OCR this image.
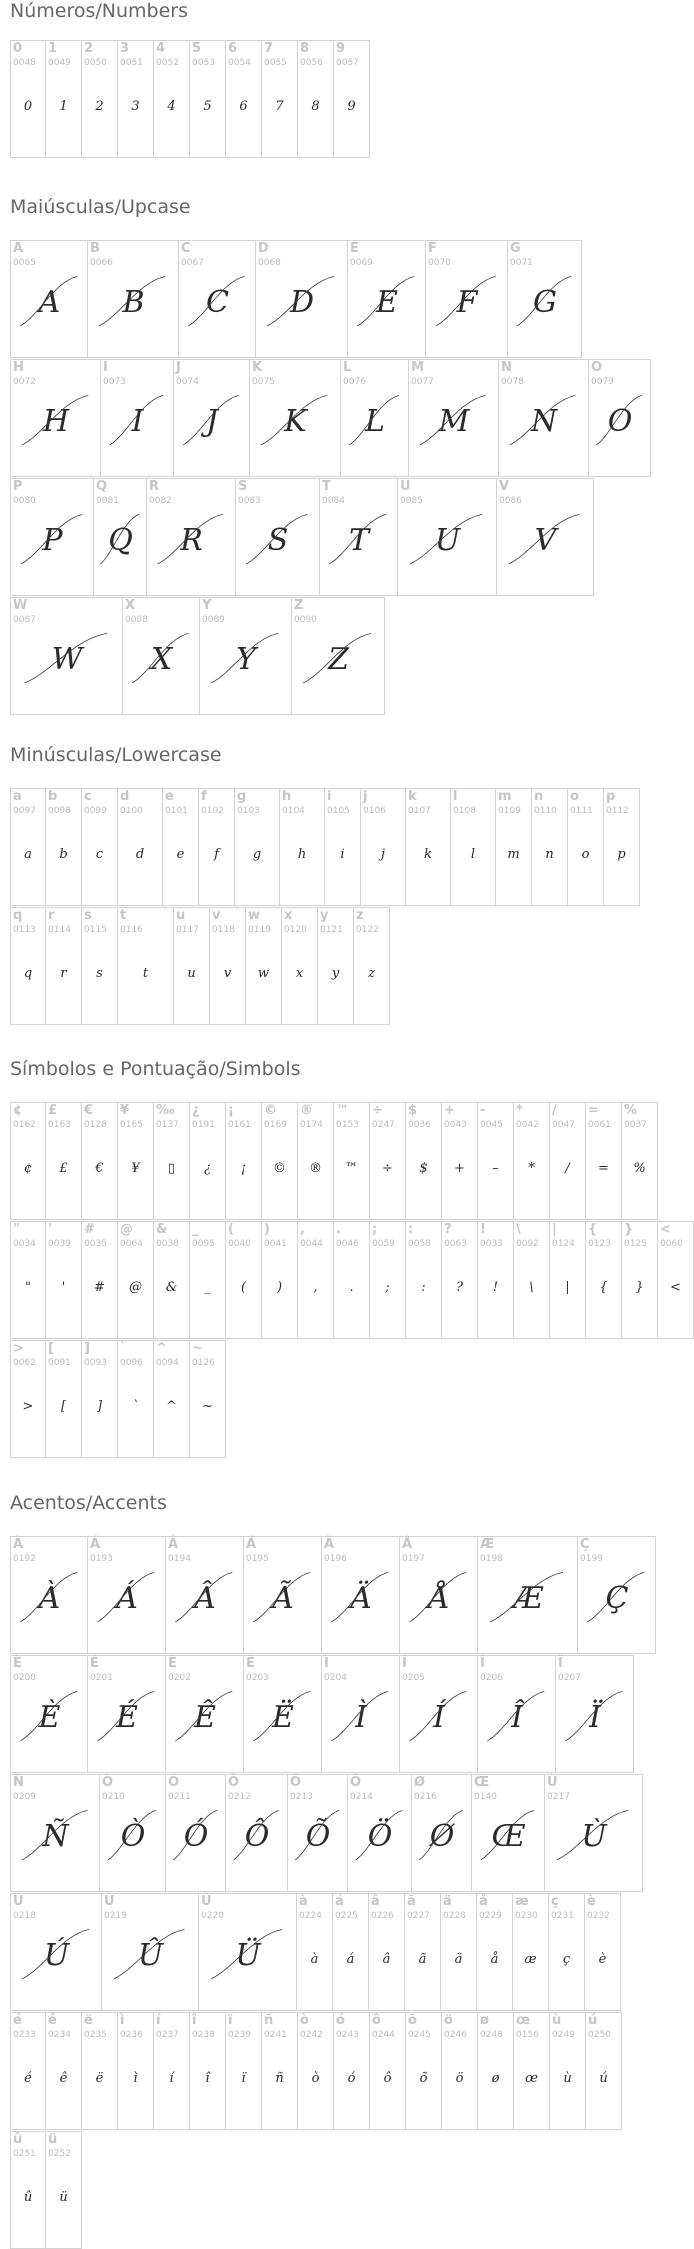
Números/Numbers
0
0048
0
1
0049
1
2
0050
2
3
0051
3
4
0052
4
5
0053
5
6
0054
6
7
0055
7
8
0056
8
9
0057
9
Maiúsculas/Upcase
A
0065
A
B
0066
B
C
0067
C
D
0068
D
E
0069
E
F
0070
F
G
0071
G
H
0072
H
I
0073
I
J
0074
J
K
0075
K
L
0076
L
M
0077
M
N
0078
N
O
0079
O
P
0080
P
Q
0081
Q
R
0082
R
S
0083
S
T
0084
T
U
0085
U
V
0086
V
W
0087
W
X
0088
X
Y
0089
Y
Z
0090
Z
Minúsculas/Lowercase
a
0097
a
b
0098
b
c
0099
c
d
0100
d
e
0101
e
f
0102
f
g
0103
g
h
0104
h
i
0105
i
j
0106
j
k
0107
k
l
0108
l
m
0109
m
n
0110
n
o
0111
o
p
0112
p
q
0113
q
r
0114
r
s
0115
s
t
0116
t
u
0117
u
v
0118
v
w
0119
w
x
0120
x
y
0121
y
z
0122
z
Símbolos e Pontuação/Simbols
¢
0162
¢
£
0163
£
€
0128
€
¥
0165
¥
‰
0137
▯
¿
0191
¿
¡
0161
¡
©
0169
©
®
0174
®
™
0153
™
÷
0247
÷
$
0036
$
+
0043
+
-
0045
–
*
0042
*
/
0047
/
=
0061
=
%
0037
%
"
0034
"
'
0039
'
#
0035
#
@
0064
@
&
0038
&
_
0095
_
(
0040
(
)
0041
)
,
0044
,
.
0046
.
;
0059
;
:
0058
:
?
0063
?
!
0033
!
\
0092
\
|
0124
|
{
0123
{
}
0125
}
<
0060
<
>
0062
>
[
0091
[
]
0093
]
`
0096
`
^
0094
^
~
0126
~
Acentos/Accents
À
0192
À
Á
0193
Á
Â
0194
Â
Ã
0195
Ã
Ä
0196
Ä
Å
0197
Å
Æ
0198
Æ
Ç
0199
Ç
È
0200
È
É
0201
É
Ê
0202
Ê
Ë
0203
Ë
Ì
0204
Ì
Í
0205
Í
Î
0206
Î
Ï
0207
Ï
Ñ
0209
Ñ
Ò
0210
Ò
Ó
0211
Ó
Ô
0212
Ô
Õ
0213
Õ
Ö
0214
Ö
Ø
0216
Ø
Œ
0140
Œ
Ù
0217
Ù
Ú
0218
Ú
Û
0219
Û
Ü
0220
Ü
à
0224
à
á
0225
á
â
0226
â
ã
0227
ã
ä
0228
ä
å
0229
å
æ
0230
æ
ç
0231
ç
è
0232
è
é
0233
é
ê
0234
ê
ë
0235
ë
ì
0236
ì
í
0237
í
î
0238
î
ï
0239
ï
ñ
0241
ñ
ò
0242
ò
ó
0243
ó
ô
0244
ô
õ
0245
õ
ö
0246
ö
ø
0248
ø
œ
0156
œ
ù
0249
ù
ú
0250
ú
û
0251
û
ü
0252
ü
